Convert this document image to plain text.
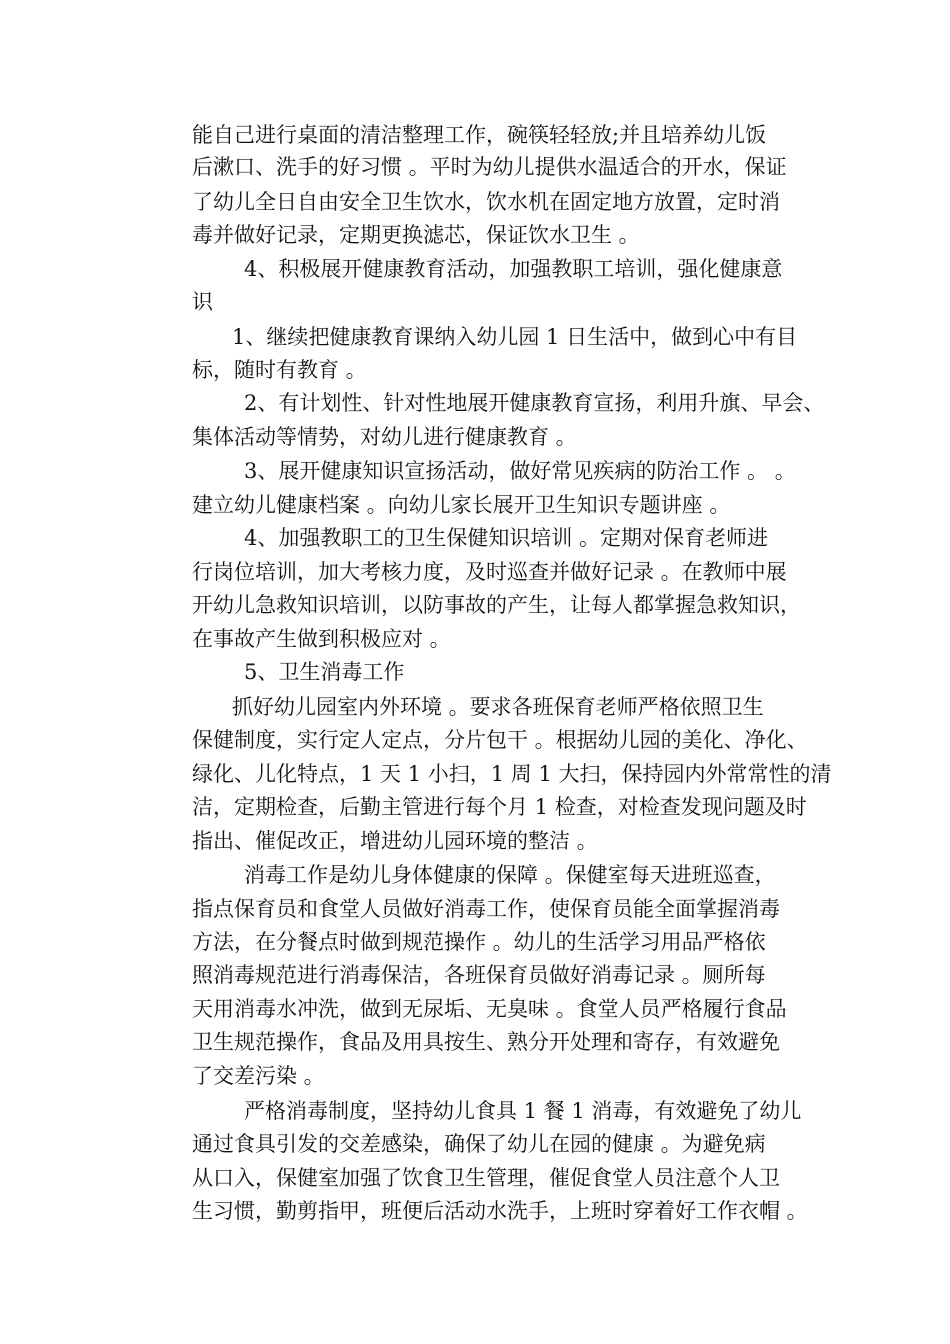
能自己进行桌面的清洁整理工作，碗筷轻轻放;并且培养幼儿饭
后漱口、洗手的好习惯 。平时为幼儿提供水温适合的开水，保证
了幼儿全日自由安全卫生饮水，饮水机在固定地方放置，定时消
毒并做好记录，定期更换滤芯，保证饮水卫生 。
4、积极展开健康教育活动，加强教职工培训，强化健康意
识
1、继续把健康教育课纳入幼儿园 1 日生活中，做到心中有目
标，随时有教育 。
2、有计划性、针对性地展开健康教育宣扬，利用升旗、早会、
集体活动等情势，对幼儿进行健康教育 。
3、展开健康知识宣扬活动，做好常见疾病的防治工作 。 。
建立幼儿健康档案 。向幼儿家长展开卫生知识专题讲座 。
4、加强教职工的卫生保健知识培训 。定期对保育老师进
行岗位培训，加大考核力度，及时巡查并做好记录 。在教师中展
开幼儿急救知识培训，以防事故的产生，让每人都掌握急救知识，
在事故产生做到积极应对 。
5、卫生消毒工作
抓好幼儿园室内外环境 。要求各班保育老师严格依照卫生
保健制度，实行定人定点，分片包干 。根据幼儿园的美化、净化、
绿化、儿化特点，1 天 1 小扫，1 周 1 大扫，保持园内外常常性的清
洁，定期检查，后勤主管进行每个月 1 检查，对检查发现问题及时
指出、催促改正，增进幼儿园环境的整洁 。
消毒工作是幼儿身体健康的保障 。保健室每天进班巡查，
指点保育员和食堂人员做好消毒工作，使保育员能全面掌握消毒
方法，在分餐点时做到规范操作 。幼儿的生活学习用品严格依
照消毒规范进行消毒保洁，各班保育员做好消毒记录 。厕所每
天用消毒水冲洗，做到无尿垢、无臭味 。食堂人员严格履行食品
卫生规范操作，食品及用具按生、熟分开处理和寄存，有效避免
了交差污染 。
严格消毒制度，坚持幼儿食具 1 餐 1 消毒，有效避免了幼儿
通过食具引发的交差感染，确保了幼儿在园的健康 。为避免病
从口入，保健室加强了饮食卫生管理，催促食堂人员注意个人卫
生习惯，勤剪指甲，班便后活动水洗手，上班时穿着好工作衣帽 。
